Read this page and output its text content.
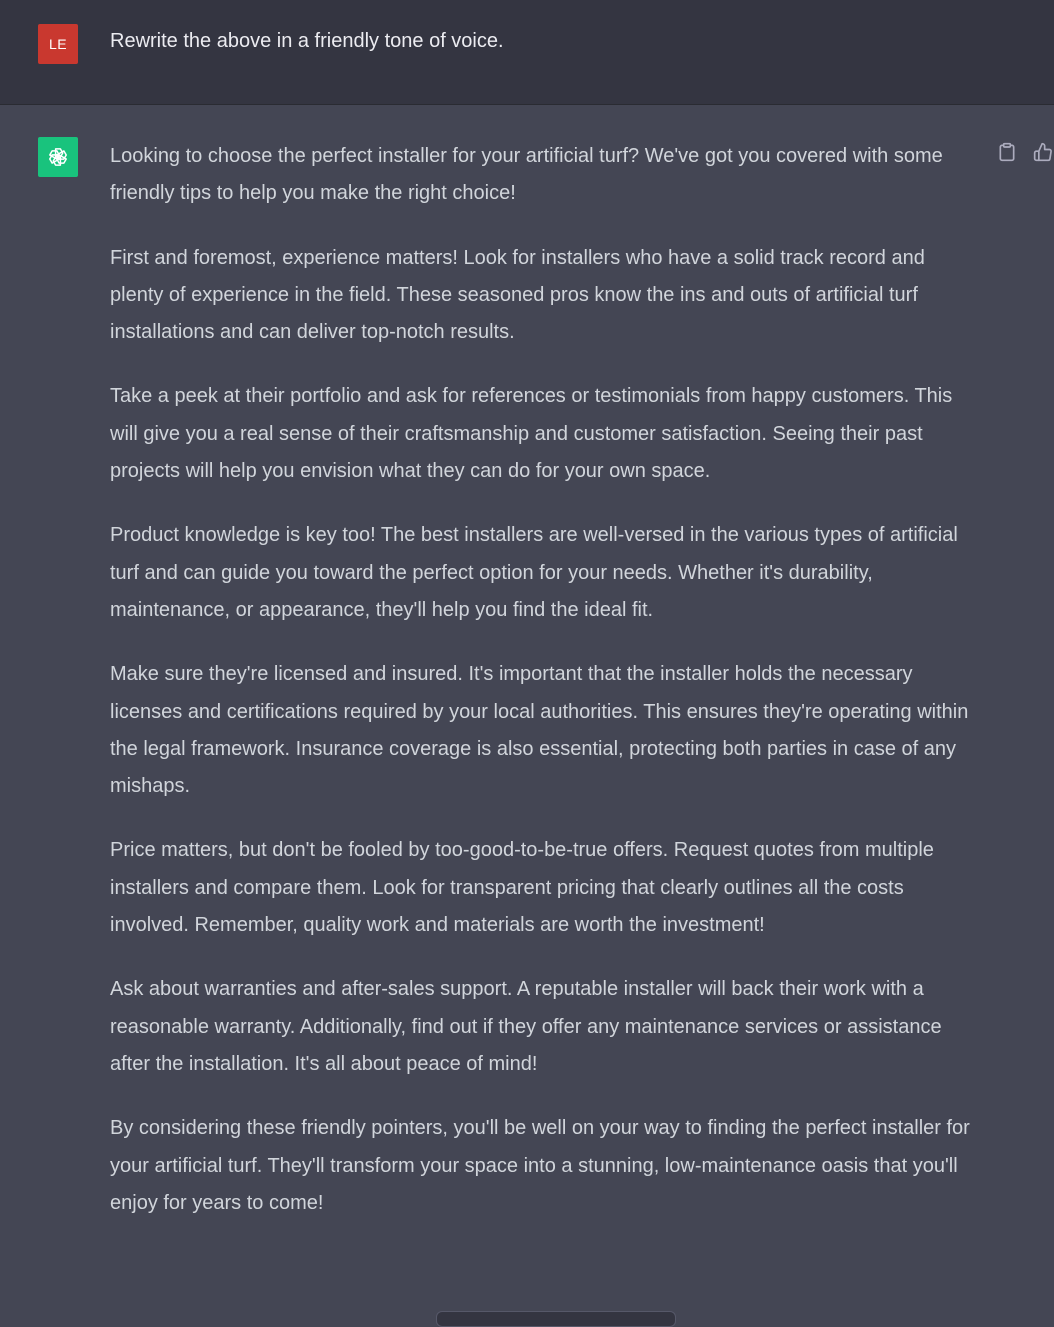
LE	Rewrite the above in a friendly tone of voice.

Looking to choose the perfect installer for your artificial turf? We've got you covered with some friendly tips to help you make the right choice!

First and foremost, experience matters! Look for installers who have a solid track record and plenty of experience in the field. These seasoned pros know the ins and outs of artificial turf installations and can deliver top-notch results.

Take a peek at their portfolio and ask for references or testimonials from happy customers. This will give you a real sense of their craftsmanship and customer satisfaction. Seeing their past projects will help you envision what they can do for your own space.

Product knowledge is key too! The best installers are well-versed in the various types of artificial turf and can guide you toward the perfect option for your needs. Whether it's durability, maintenance, or appearance, they'll help you find the ideal fit.

Make sure they're licensed and insured. It's important that the installer holds the necessary licenses and certifications required by your local authorities. This ensures they're operating within the legal framework. Insurance coverage is also essential, protecting both parties in case of any mishaps.

Price matters, but don't be fooled by too-good-to-be-true offers. Request quotes from multiple installers and compare them. Look for transparent pricing that clearly outlines all the costs involved. Remember, quality work and materials are worth the investment!

Ask about warranties and after-sales support. A reputable installer will back their work with a reasonable warranty. Additionally, find out if they offer any maintenance services or assistance after the installation. It's all about peace of mind!

By considering these friendly pointers, you'll be well on your way to finding the perfect installer for your artificial turf. They'll transform your space into a stunning, low-maintenance oasis that you'll enjoy for years to come!
